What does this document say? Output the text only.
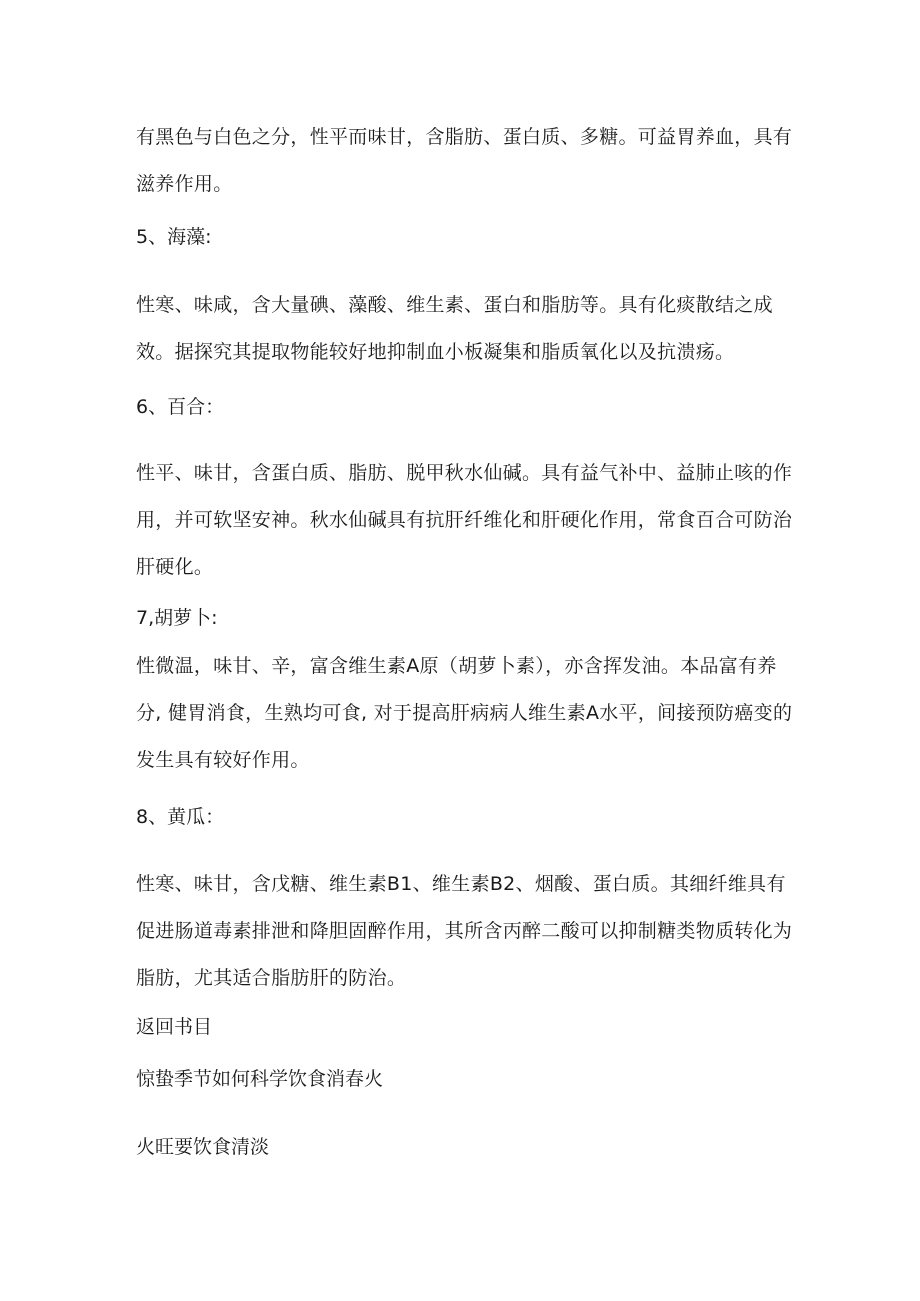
有黑色与白色之分，性平而味甘，含脂肪、蛋白质、多糖。可益胃养血，具有滋养作用。
5、海藻:
性寒、味咸，含大量碘、藻酸、维生素、蛋白和脂肪等。具有化痰散结之成效。据探究其提取物能较好地抑制血小板凝集和脂质氧化以及抗溃疡。
6、百合：
性平、味甘，含蛋白质、脂肪、脱甲秋水仙碱。具有益气补中、益肺止咳的作用，并可软坚安神。秋水仙碱具有抗肝纤维化和肝硬化作用，常食百合可防治肝硬化。
7,胡萝卜:
性微温，味甘、辛，富含维生素A原（胡萝卜素），亦含挥发油。本品富有养分, 健胃消食，生熟均可食, 对于提高肝病病人维生素A水平，间接预防癌变的发生具有较好作用。
8、黄瓜：
性寒、味甘，含戊糖、维生素B1、维生素B2、烟酸、蛋白质。其细纤维具有促进肠道毒素排泄和降胆固醉作用，其所含丙醉二酸可以抑制糖类物质转化为脂肪，尤其适合脂肪肝的防治。
返回书目
惊蛰季节如何科学饮食消春火
火旺要饮食清淡
